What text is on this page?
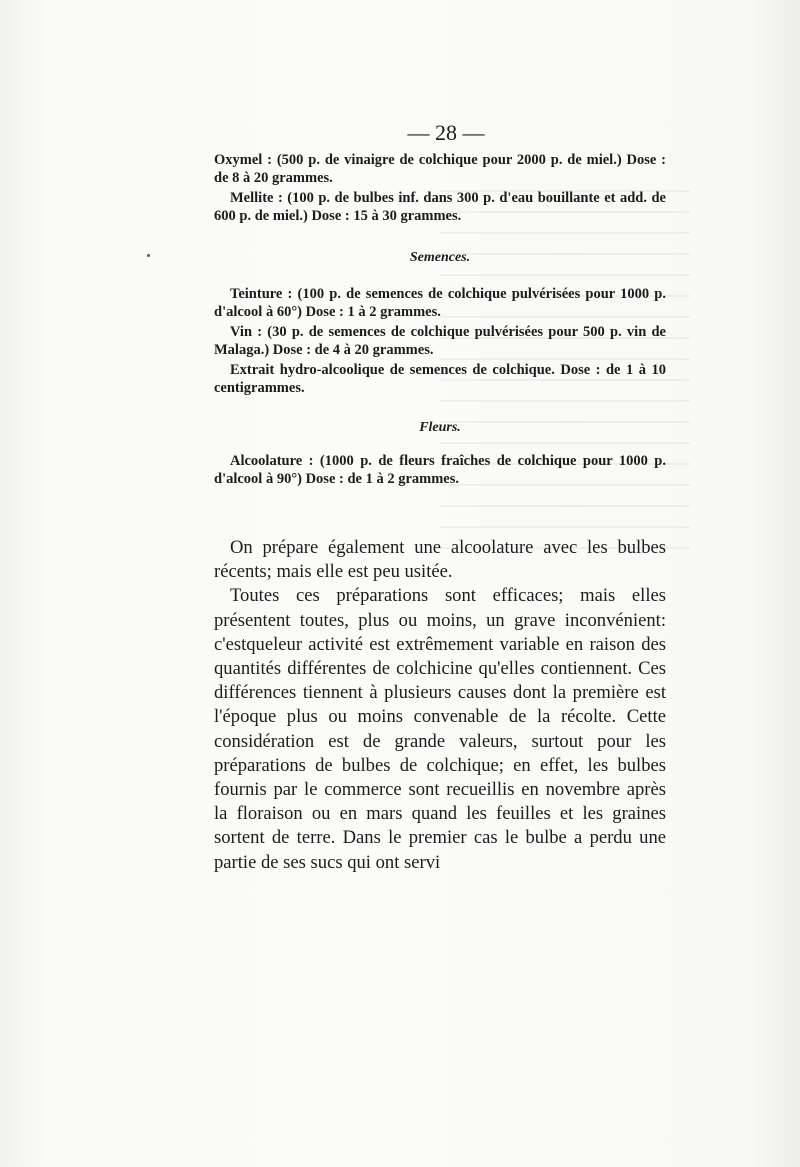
— 28 —

Oxymel : (500 p. de vinaigre de colchique pour 2000 p. de miel.) Dose : de 8 à 20 grammes.

Mellite : (100 p. de bulbes inf. dans 300 p. d'eau bouillante et add. de 600 p. de miel.) Dose : 15 à 30 grammes.

Semences.

Teinture : (100 p. de semences de colchique pulvérisées pour 1000 p. d'alcool à 60°) Dose : 1 à 2 grammes.

Vin : (30 p. de semences de colchique pulvérisées pour 500 p. vin de Malaga.) Dose : de 4 à 20 grammes.

Extrait hydro-alcoolique de semences de colchique. Dose : de 1 à 10 centigrammes.

Fleurs.

Alcoolature : (1000 p. de fleurs fraîches de colchique pour 1000 p. d'alcool à 90°) Dose : de 1 à 2 grammes.

On prépare également une alcoolature avec les bulbes récents; mais elle est peu usitée.

Toutes ces préparations sont efficaces; mais elles présentent toutes, plus ou moins, un grave inconvénient: c'estqueleur activité est extrêmement variable en raison des quantités différentes de colchicine qu'elles contiennent. Ces différences tiennent à plusieurs causes dont la première est l'époque plus ou moins convenable de la récolte. Cette considération est de grande valeurs, surtout pour les préparations de bulbes de colchique; en effet, les bulbes fournis par le commerce sont recueillis en novembre après la floraison ou en mars quand les feuilles et les graines sortent de terre. Dans le premier cas le bulbe a perdu une partie de ses sucs qui ont servi
